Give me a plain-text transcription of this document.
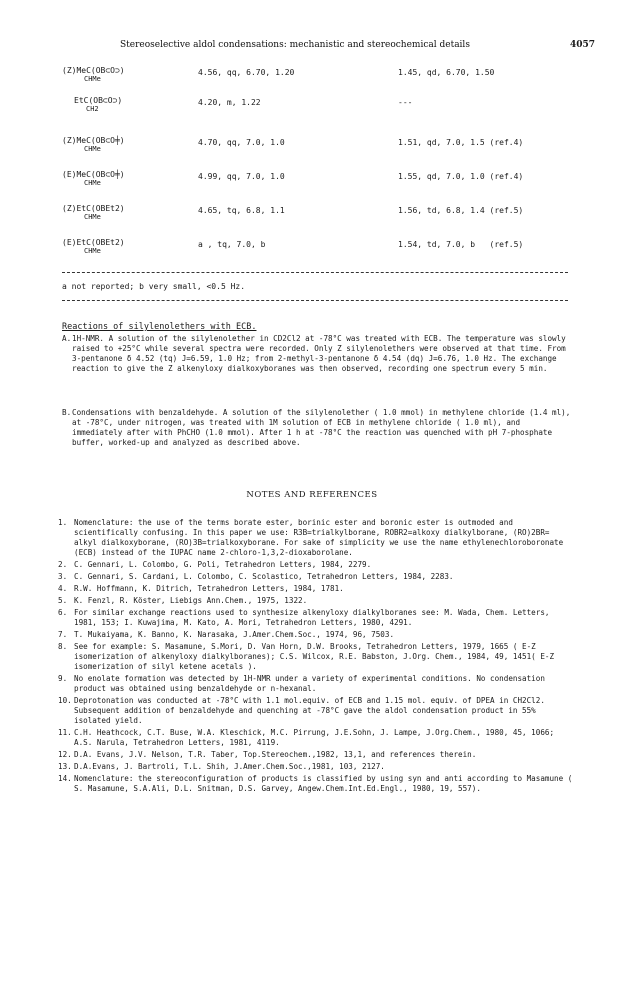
Stereoselective aldol condensations: mechanistic and stereochemical details	4057
(Z)MeC(OB⊂O⊃)
CHMe
4.56, qq, 6.70, 1.20	1.45, qd, 6.70, 1.50
EtC(OB⊂O⊃)
CH2
4.20, m, 1.22	---
(Z)MeC(OB⊂O╪)
CHMe
4.70, qq, 7.0, 1.0	1.51, qd, 7.0, 1.5 (ref.4)
(E)MeC(OB⊂O╪)
CHMe
4.99, qq, 7.0, 1.0	1.55, qd, 7.0, 1.0 (ref.4)
(Z)EtC(OBEt2)
CHMe
4.65, tq, 6.8, 1.1	1.56, td, 6.8, 1.4 (ref.5)
(E)EtC(OBEt2)
CHMe
a , tq, 7.0, b	1.54, td, 7.0, b   (ref.5)
a not reported; b very small, <0.5 Hz.
Reactions of silylenolethers with ECB.
A. 1H-NMR. A solution of the silylenolether in CD2Cl2 at -78°C was treated with ECB. The temperature was slowly raised to +25°C while several spectra were recorded. Only Z silylenolethers were observed at that time. From 3-pentanone δ 4.52 (tq) J=6.59, 1.0 Hz; from 2-methyl-3-pentanone δ 4.54 (dq) J=6.76, 1.0 Hz. The exchange reaction to give the Z alkenyloxy dialkoxyboranes was then observed, recording one spectrum every 5 min.
B. Condensations with benzaldehyde. A solution of the silylenolether ( 1.0 mmol) in methylene chloride (1.4 ml), at -78°C, under nitrogen, was treated with 1M solution of ECB in methylene chloride ( 1.0 ml), and immediately after with PhCHO (1.0 mmol). After 1 h at -78°C the reaction was quenched with pH 7-phosphate buffer, worked-up and analyzed as described above.
NOTES AND REFERENCES
1. Nomenclature: the use of the terms borate ester, borinic ester and boronic ester is outmoded and scientifically confusing. In this paper we use: R3B=trialkylborane, ROBR2=alkoxy dialkylborane, (RO)2BR= alkyl dialkoxyborane, (RO)3B=trialkoxyborane. For sake of simplicity we use the name ethylenechloroboronate (ECB) instead of the IUPAC name 2-chloro-1,3,2-dioxaborolane.
2. C. Gennari, L. Colombo, G. Poli, Tetrahedron Letters, 1984, 2279.
3. C. Gennari, S. Cardani, L. Colombo, C. Scolastico, Tetrahedron Letters, 1984, 2283.
4. R.W. Hoffmann, K. Ditrich, Tetrahedron Letters, 1984, 1781.
5. K. Fenzl, R. Köster, Liebigs Ann.Chem., 1975, 1322.
6. For similar exchange reactions used to synthesize alkenyloxy dialkylboranes see: M. Wada, Chem. Letters, 1981, 153; I. Kuwajima, M. Kato, A. Mori, Tetrahedron Letters, 1980, 4291.
7. T. Mukaiyama, K. Banno, K. Narasaka, J.Amer.Chem.Soc., 1974, 96, 7503.
8. See for example: S. Masamune, S.Mori, D. Van Horn, D.W. Brooks, Tetrahedron Letters, 1979, 1665 ( E-Z isomerization of alkenyloxy dialkylboranes); C.S. Wilcox, R.E. Babston, J.Org. Chem., 1984, 49, 1451( E-Z isomerization of silyl ketene acetals ).
9. No enolate formation was detected by 1H-NMR under a variety of experimental conditions. No condensation product was obtained using benzaldehyde or n-hexanal.
10. Deprotonation was conducted at -78°C with 1.1 mol.equiv. of ECB and 1.15 mol. equiv. of DPEA in CH2Cl2. Subsequent addition of benzaldehyde and quenching at -78°C gave the aldol condensation product in 55% isolated yield.
11. C.H. Heathcock, C.T. Buse, W.A. Kleschick, M.C. Pirrung, J.E.Sohn, J. Lampe, J.Org.Chem., 1980, 45, 1066; A.S. Narula, Tetrahedron Letters, 1981, 4119.
12. D.A. Evans, J.V. Nelson, T.R. Taber, Top.Stereochem.,1982, 13,1, and references therein.
13. D.A.Evans, J. Bartroli, T.L. Shih, J.Amer.Chem.Soc.,1981, 103, 2127.
14. Nomenclature: the stereoconfiguration of products is classified by using syn and anti according to Masamune ( S. Masamune, S.A.Ali, D.L. Snitman, D.S. Garvey, Angew.Chem.Int.Ed.Engl., 1980, 19, 557).
